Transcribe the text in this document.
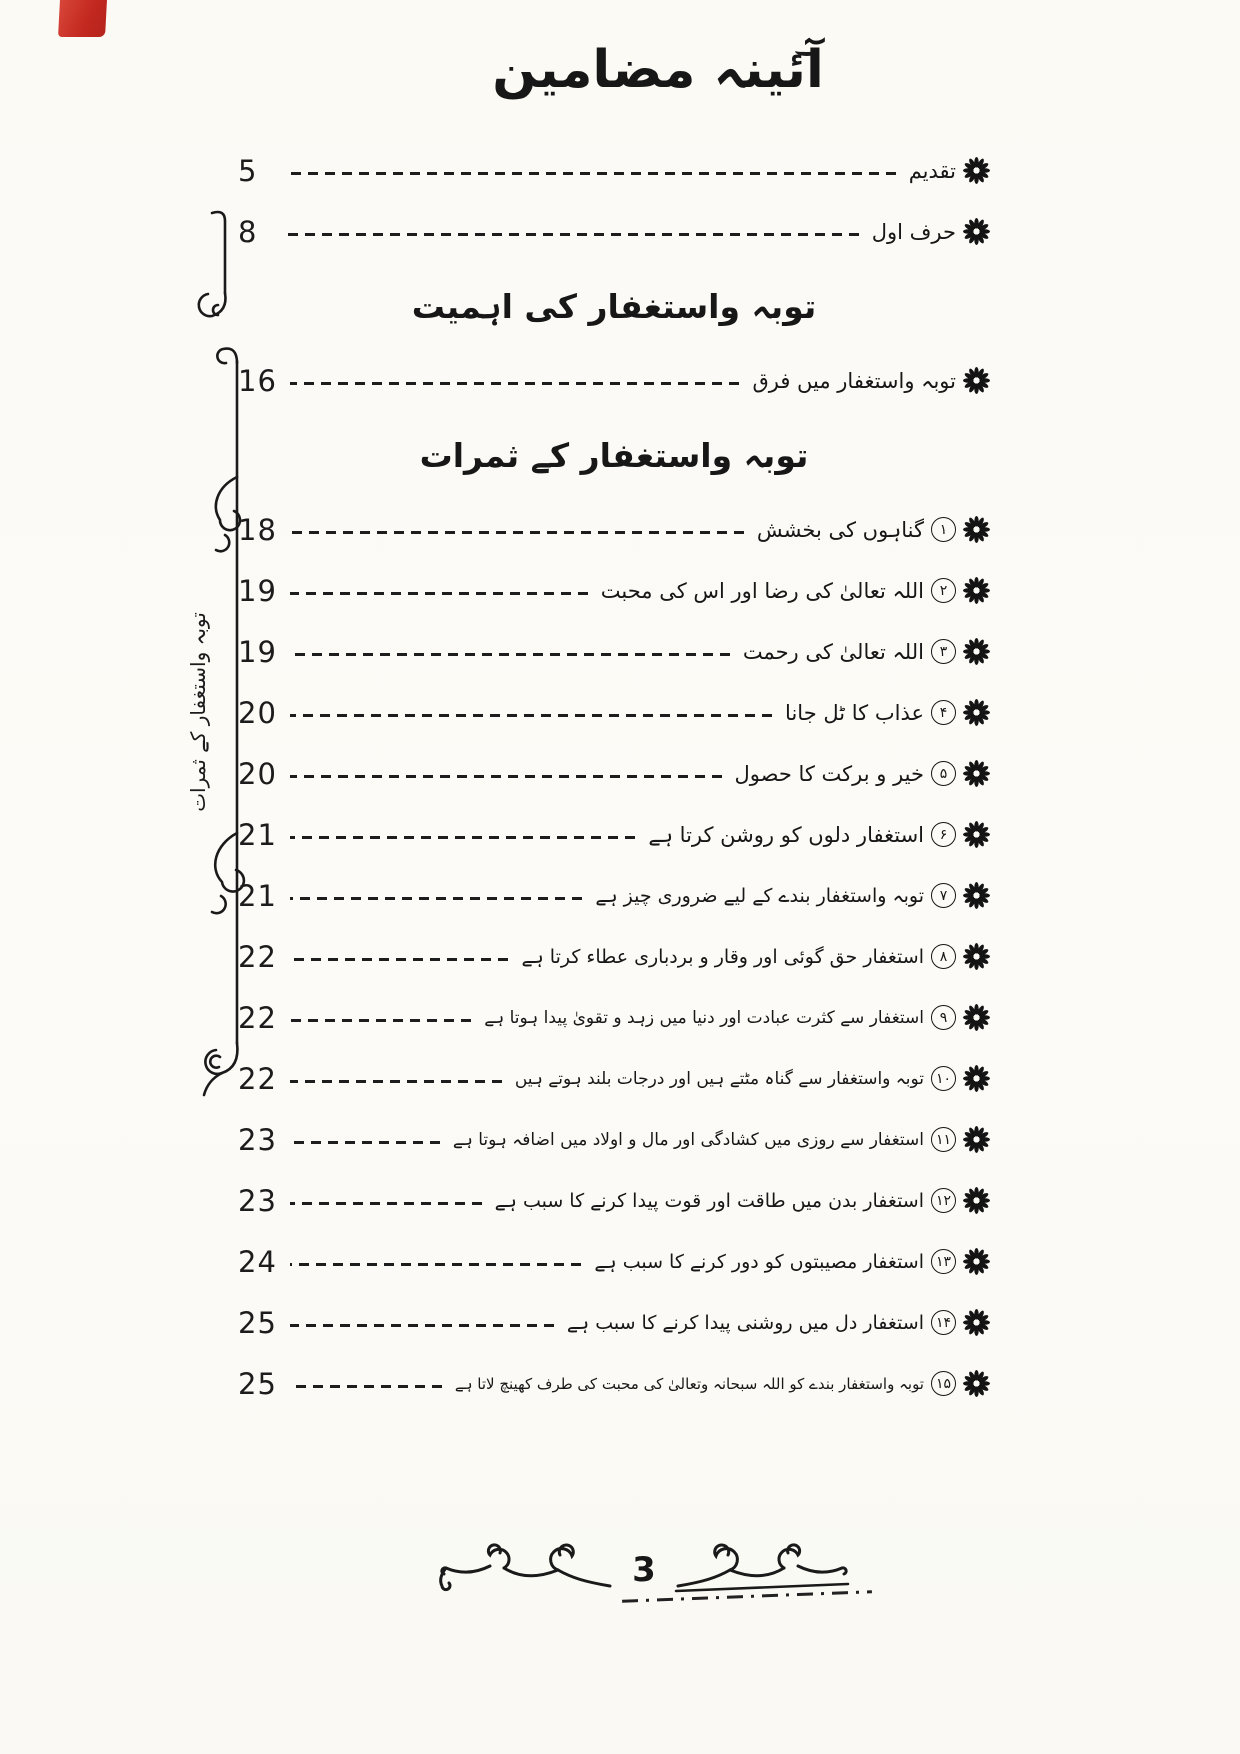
آئینہ مضامین
توبہ واستغفار کے ثمرات
تقدیم
5
حرف اول
8
توبہ واستغفار کی اہمیت
توبہ واستغفار میں فرق
16
توبہ واستغفار کے ثمرات
۱
گناہوں کی بخشش
18
۲
اللہ تعالیٰ کی رضا اور اس کی محبت
19
۳
اللہ تعالیٰ کی رحمت
19
۴
عذاب کا ٹل جانا
20
۵
خیر و برکت کا حصول
20
۶
استغفار دلوں کو روشن کرتا ہے
21
۷
توبہ واستغفار بندے کے لیے ضروری چیز ہے
21
۸
استغفار حق گوئی اور وقار و بردباری عطاء کرتا ہے
22
۹
استغفار سے کثرت عبادت اور دنیا میں زہد و تقویٰ پیدا ہوتا ہے
22
۱۰
توبہ واستغفار سے گناہ مٹتے ہیں اور درجات بلند ہوتے ہیں
22
۱۱
استغفار سے روزی میں کشادگی اور مال و اولاد میں اضافہ ہوتا ہے
23
۱۲
استغفار بدن میں طاقت اور قوت پیدا کرنے کا سبب ہے
23
۱۳
استغفار مصیبتوں کو دور کرنے کا سبب ہے
24
۱۴
استغفار دل میں روشنی پیدا کرنے کا سبب ہے
25
۱۵
توبہ واستغفار بندے کو اللہ سبحانہ وتعالیٰ کی محبت کی طرف کھینچ لاتا ہے
25
3
